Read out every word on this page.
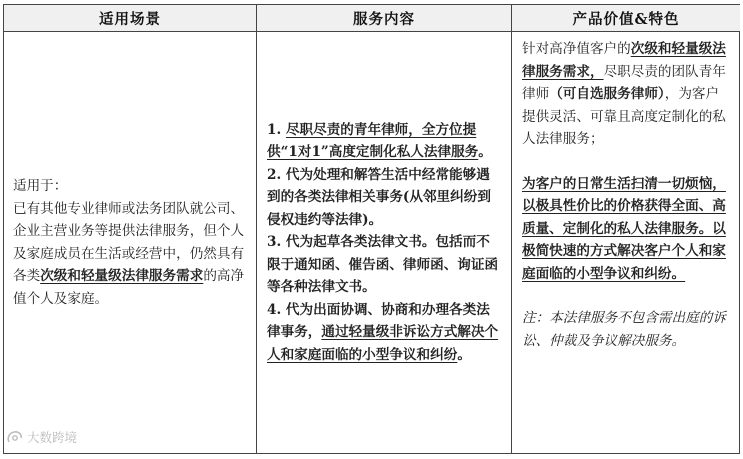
适用场景	服务内容	产品价值&特色
适用于：
已有其他专业律师或法务团队就公司、企业主营业务等提供法律服务，但个人及家庭成员在生活或经营中，仍然具有各类次级和轻量级法律服务需求的高净值个人及家庭。
1. 尽职尽责的青年律师，全方位提供“1对1”高度定制化私人法律服务。
2. 代为处理和解答生活中经常能够遇到的各类法律相关事务(从邻里纠纷到侵权违约等法律)。
3. 代为起草各类法律文书。包括而不限于通知函、催告函、律师函、询证函等各种法律文书。
4. 代为出面协调、协商和办理各类法律事务，通过轻量级非诉讼方式解决个人和家庭面临的小型争议和纠纷。
针对高净值客户的次级和轻量级法律服务需求，尽职尽责的团队青年律师（可自选服务律师），为客户提供灵活、可靠且高度定制化的私人法律服务；
为客户的日常生活扫清一切烦恼，以极具性价比的价格获得全面、高质量、定制化的私人法律服务。以极简快速的方式解决客户个人和家庭面临的小型争议和纠纷。
注：本法律服务不包含需出庭的诉讼、仲裁及争议解决服务。
大数跨境
